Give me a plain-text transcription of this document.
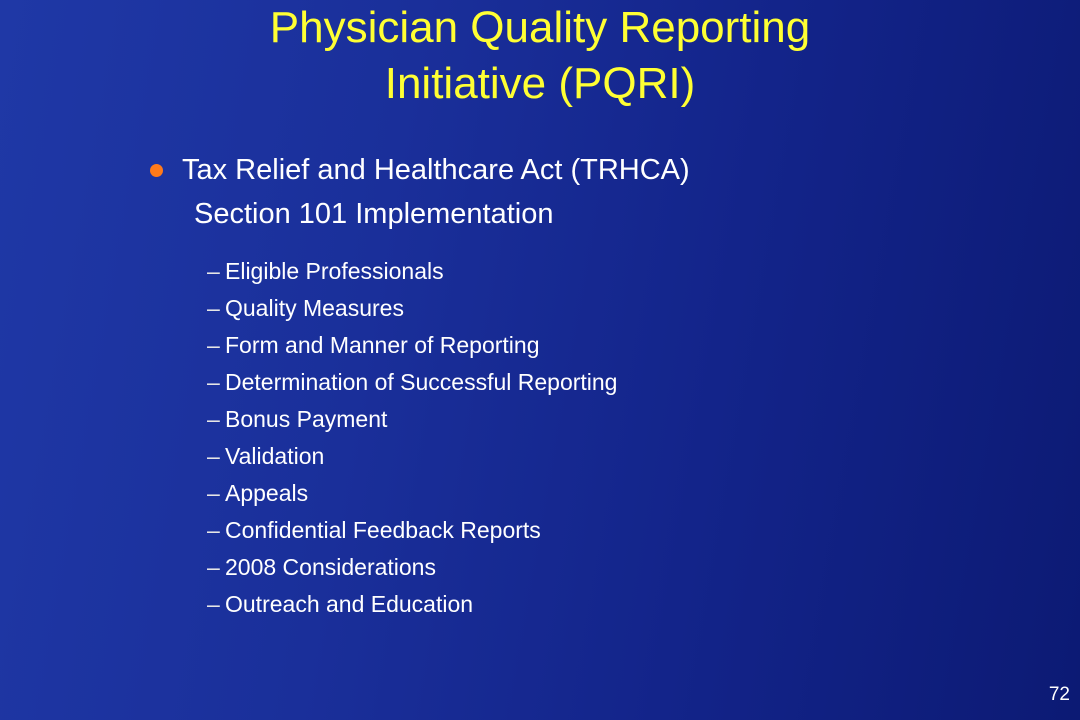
Physician Quality Reporting
Initiative (PQRI)
Tax Relief and Healthcare Act (TRHCA)
Section 101 Implementation
– Eligible Professionals
– Quality Measures
– Form and Manner of Reporting
– Determination of Successful Reporting
– Bonus Payment
– Validation
– Appeals
– Confidential Feedback Reports
– 2008 Considerations
– Outreach and Education
72
